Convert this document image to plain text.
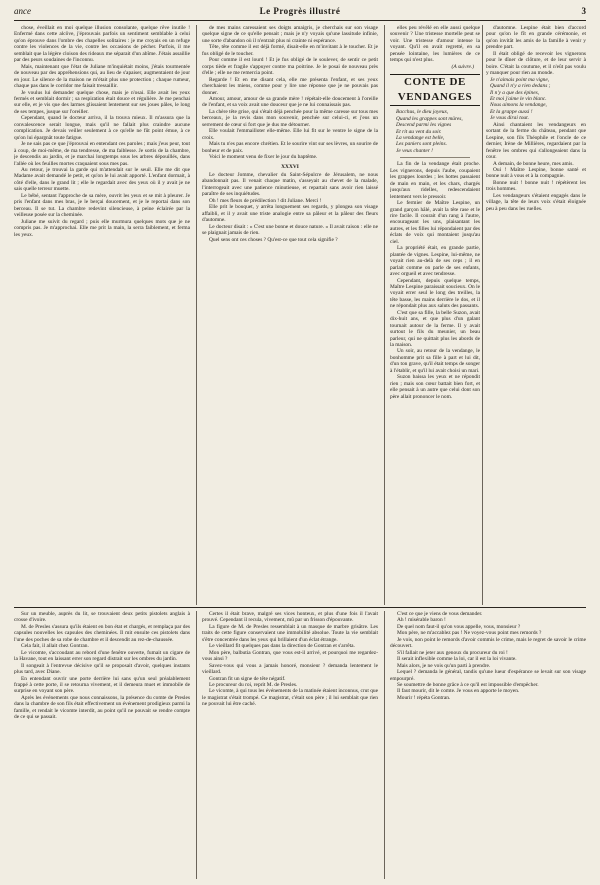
ance	Le Progrès illustré	3

chose, éveillait en moi quelque illusion consolante, quelque rêve inutile ! Enfermé dans cette alcôve, j'éprouvais parfois un sentiment semblable à celui qu'on éprouve dans l'ombre des chapelles solitaires : je me croyais en un refuge contre les violences de la vie, contre les occasions de pécher. Parfois, il me semblait que la légère cloison des rideaux me séparait d'un abîme. J'étais assaillie par des peurs soudaines de l'inconnu.

Mais, maintenant que l'état de Juliane m'inquiétait moins, j'étais tourmentée de nouveau par des appréhensions qui, au lieu de s'apaiser, augmentaient de jour en jour. Le silence de la maison ne m'était plus une protection ; chaque rumeur, chaque pas dans le corridor me faisait tressaillir.

Je voulus lui demander quelque chose, mais je n'osai. Elle avait les yeux fermés et semblait dormir ; sa respiration était douce et régulière. Je me penchai sur elle, et je vis que des larmes glissaient lentement sur ses joues pâles, le long de ses tempes, jusque sur l'oreiller.

Cependant, quand le docteur arriva, il la trouva mieux. Il m'assura que la convalescence serait longue, mais qu'il ne fallait plus craindre aucune complication. Je devais veiller seulement à ce qu'elle ne fût point émue, à ce qu'on lui épargnât toute fatigue.

Je ne sais pas ce que j'éprouvai en entendant ces paroles ; mais j'eus peur, tout à coup, de moi-même, de ma tendresse, de ma faiblesse. Je sortis de la chambre, je descendis au jardin, et je marchai longtemps sous les arbres dépouillés, dans l'allée où les feuilles mortes craquaient sous mes pas.

Au retour, je trouvai la garde qui m'attendait sur le seuil. Elle me dit que Madame avait demandé le petit, et qu'on le lui avait apporté. L'enfant dormait, à côté d'elle, dans le grand lit ; elle le regardait avec des yeux où il y avait je ne sais quelle terreur muette.

Le bébé, sentant l'approche de sa mère, ouvrit les yeux et se mit à pleurer. Je pris l'enfant dans mes bras, je le berçai doucement, et je le reportai dans son berceau. Il se tut. La chambre redevint silencieuse, à peine éclairée par la veilleuse posée sur la cheminée.

Juliane me suivit du regard ; puis elle murmura quelques mots que je ne compris pas. Je m'approchai. Elle me prit la main, la serra faiblement, et ferma les yeux.

de mes mains caressaient ses doigts amaigris, je cherchais sur son visage quelque signe de ce qu'elle pensait ; mais je n'y voyais qu'une lassitude infinie, une sorte d'abandon où il n'entrait plus ni crainte ni espérance.

Tête, tête comme il est déjà formé, disait-elle en m'invitant à le toucher. Et je fus obligé de le toucher.

Pour comme il est lourd ! Et je fus obligé de le soulever, de sentir ce petit corps tiède et fragile s'appuyer contre ma poitrine. Je le posai de nouveau près d'elle ; elle ne me remercia point.

Regarde ! Et en me disant cela, elle me présenta l'enfant, et ses yeux cherchaient les miens, comme pour y lire une réponse que je ne pouvais pas donner.

Amour, amour, amour de sa grande mère ! répétait-elle doucement à l'oreille de l'enfant, et sa voix avait une douceur que je ne lui connaissais pas.

La chère tête grise, qui s'était déjà penchée pour la même caresse sur tous mes berceaux, je la revis dans mon souvenir, penchée sur celui-ci, et j'eus un serrement de cœur si fort que je dus me détourner.

Elle voulait l'emmailloter elle-même. Elle lui fit sur le ventre le signe de la croix.

Mais tu n'es pas encore chrétien. Et le sourire vint sur ses lèvres, un sourire de bonheur et de paix.

Voici le moment venu de fixer le jour du baptême.

XXXVI

Le docteur Jomme, chevalier du Saint-Sépulcre de Jérusalem, ne nous abandonnait pas. Il venait chaque matin, s'asseyait au chevet de la malade, l'interrogeait avec une patience minutieuse, et repartait sans avoir rien laissé paraître de ses inquiétudes.

Oh ! mes fleurs de prédilection ! dit Juliane. Merci !

Elle prit le bouquet, y arrêta longuement ses regards, y plongea son visage affaibli, et il y avait une triste analogie entre sa pâleur et la pâleur des fleurs d'automne.

Le docteur disait : « C'est une bonne et douce nature. » Il avait raison : elle ne se plaignait jamais de rien.

Quel sens ont ces choses ? Qu'est-ce que tout cela signifie ?

elles peu révêlé en elle aussi quelque souvenir ? Une tristesse mortelle peut se voir. Une tristesse d'amour intense la voyant. Qu'il en avait regretté, en sa pensée lointaine, les lumières de ce temps qui n'est plus.

(A suivre.)
CONTE DE VENDANGES
Bacchus, le dieu joyeux,
Quand les grappes sont mûres,
Descend parmi les vignes
Et rit au vent du soir.
La vendange est belle,
Les paniers sont pleins.
Je veux chanter !

La fin de la vendange était proche. Les vignerons, depuis l'aube, coupaient les grappes lourdes ; les hottes passaient de main en main, et les chars, chargés jusqu'aux ridelles, redescendaient lentement vers le pressoir.

Le fermier de Maître Lespine, un grand garçon hâlé, avait la tête rase et le rire facile. Il courait d'un rang à l'autre, encourageant les uns, plaisantant les autres, et les filles lui répondaient par des éclats de voix qui montaient jusqu'au ciel.

La propriété était, en grande partie, plantée de vignes. Lespine, lui-même, ne voyait rien au-delà de ses ceps ; il en parlait comme on parle de ses enfants, avec orgueil et avec tendresse.

Cependant, depuis quelque temps, Maître Lespine paraissait soucieux. On le voyait errer seul le long des treilles, la tête basse, les mains derrière le dos, et il ne répondait plus aux saluts des passants.

C'est que sa fille, la belle Suzon, avait dix-huit ans, et que plus d'un galant tournait autour de la ferme. Il y avait surtout le fils du meunier, un beau parleur, qui ne quittait plus les abords de la maison.

Un soir, au retour de la vendange, le bonhomme prit sa fille à part et lui dit, d'un ton grave, qu'il était temps de songer à l'établir, et qu'il lui avait choisi un mari.

Suzon baissa les yeux et ne répondit rien ; mais son cœur battait bien fort, et elle pensait à un autre que celui dont son père allait prononcer le nom.

d'automne. Lespine était bien d'accord pour qu'on le fît en grande cérémonie, et qu'on invitât les amis de la famille à venir y prendre part.

Il était obligé de recevoir les vignerons pour le dîner de clôture, et de leur servir à boire. C'était la coutume, et il n'eût pas voulu y manquer pour rien au monde.

Je n'aimais point ma vigne,
Quand il n'y a rien dedans ;
Il n'y a que des épines,
Et moi j'aime le vin blanc.
Nous aimons la vendange,
Et la grappe aussi !
Je vous dirai tout.

Ainsi chantaient les vendangeurs en sortant de la ferme du château, pendant que Lespine, son fils Théophile et l'oncle de ce dernier, Irène de Millières, regardaient par la fenêtre les ombres qui s'allongeaient dans la cour.

A demain, de bonne heure, mes amis.

Oui ! Maître Lespine, bonne santé et bonne nuit à vous et à la compagnie.

Bonne nuit ! bonne nuit ! répétèrent les trois hommes.

Les vendangeurs s'étaient engagés dans le village, la tête de leurs voix s'était éloignée peu à peu dans les ruelles.

Sur un meuble, auprès du lit, se trouvaient deux petits pistolets anglais à crosse d'ivoire.

M. de Presles s'assura qu'ils étaient en bon état et chargés, et remplaça par des capsules nouvelles les capsules des cheminées. Il mit ensuite ces pistolets dans l'une des poches de sa robe de chambre et il descendit au rez-de-chaussée.

Cela fait, il allait chez Gontran.

Le vicomte, s'accoudant au rebord d'une fenêtre ouverte, fumait un cigare de la Havane, tout en laissant errer son regard distrait sur les ombres du jardin.

Il songeait à l'entrevue décisive qu'il se proposait d'avoir, quelques instants plus tard, avec Diane.

En entendant ouvrir une porte derrière lui sans qu'un seul préalablement frappé à cette porte, il se retourna vivement, et il demeura muet et immobile de surprise en voyant son père.

Après les événements que nous connaissons, la présence du comte de Presles dans la chambre de son fils était effectivement un événement prodigieux parmi la famille, et rendait le vicomte interdit, au point qu'il ne pouvait se rendre compte de ce qui se passait.

Certes il était brave, malgré ses vices honteux, et plus d'une fois il l'avait prouvé. Cependant il recula, vivement, mû par un frisson d'épouvante.

La figure de M. de Presles ressemblait à un masque de marbre grisâtre. Les traits de cette figure conservaient une immobilité absolue. Toute la vie semblait s'être concentrée dans les yeux qui brillaient d'un éclat étrange.

Le vieillard fit quelques pas dans la direction de Gontran et s'arrêta.

Mon père, balbutia Gontran, que vous est-il arrivé, et pourquoi me regardez-vous ainsi ?

Savez-vous qui vous a jamais honoré, monsieur ? demanda lentement le vieillard.

Gontran fit un signe de tête négatif.

Le procureur du roi, reprit M. de Presles.

Le vicomte, à qui tous les événements de la matinée étaient inconnus, crut que le magistrat s'était trompé. Ce magistrat, c'était son père ; il lui semblait que rien ne pouvait lui être caché.

C'est ce que je viens de vous demander.

Ah ! misérable baron !

De quel nom faut-il qu'on vous appelle, vous, monsieur ?

Mon père, ne m'accablez pas ! Ne voyez-vous point mes remords ?

Je vois, non point le remords d'avoir commis le crime, mais le regret de savoir le crime découvert.

S'il fallait ne jeter aux genoux du procureur du roi !

Il serait inflexible comme la loi, car il est la loi vivante.

Mais alors, je ne vois qu'un parti à prendre.

Lequel ? demanda le général, tandis qu'une lueur d'espérance se levait sur son visage empourpré.

Se soumettre de bonne grâce à ce qu'il est impossible d'empêcher.

Il faut mourir, dit le comte. Je vous en apporte le moyen.

Mourir ! répéta Gontran.
